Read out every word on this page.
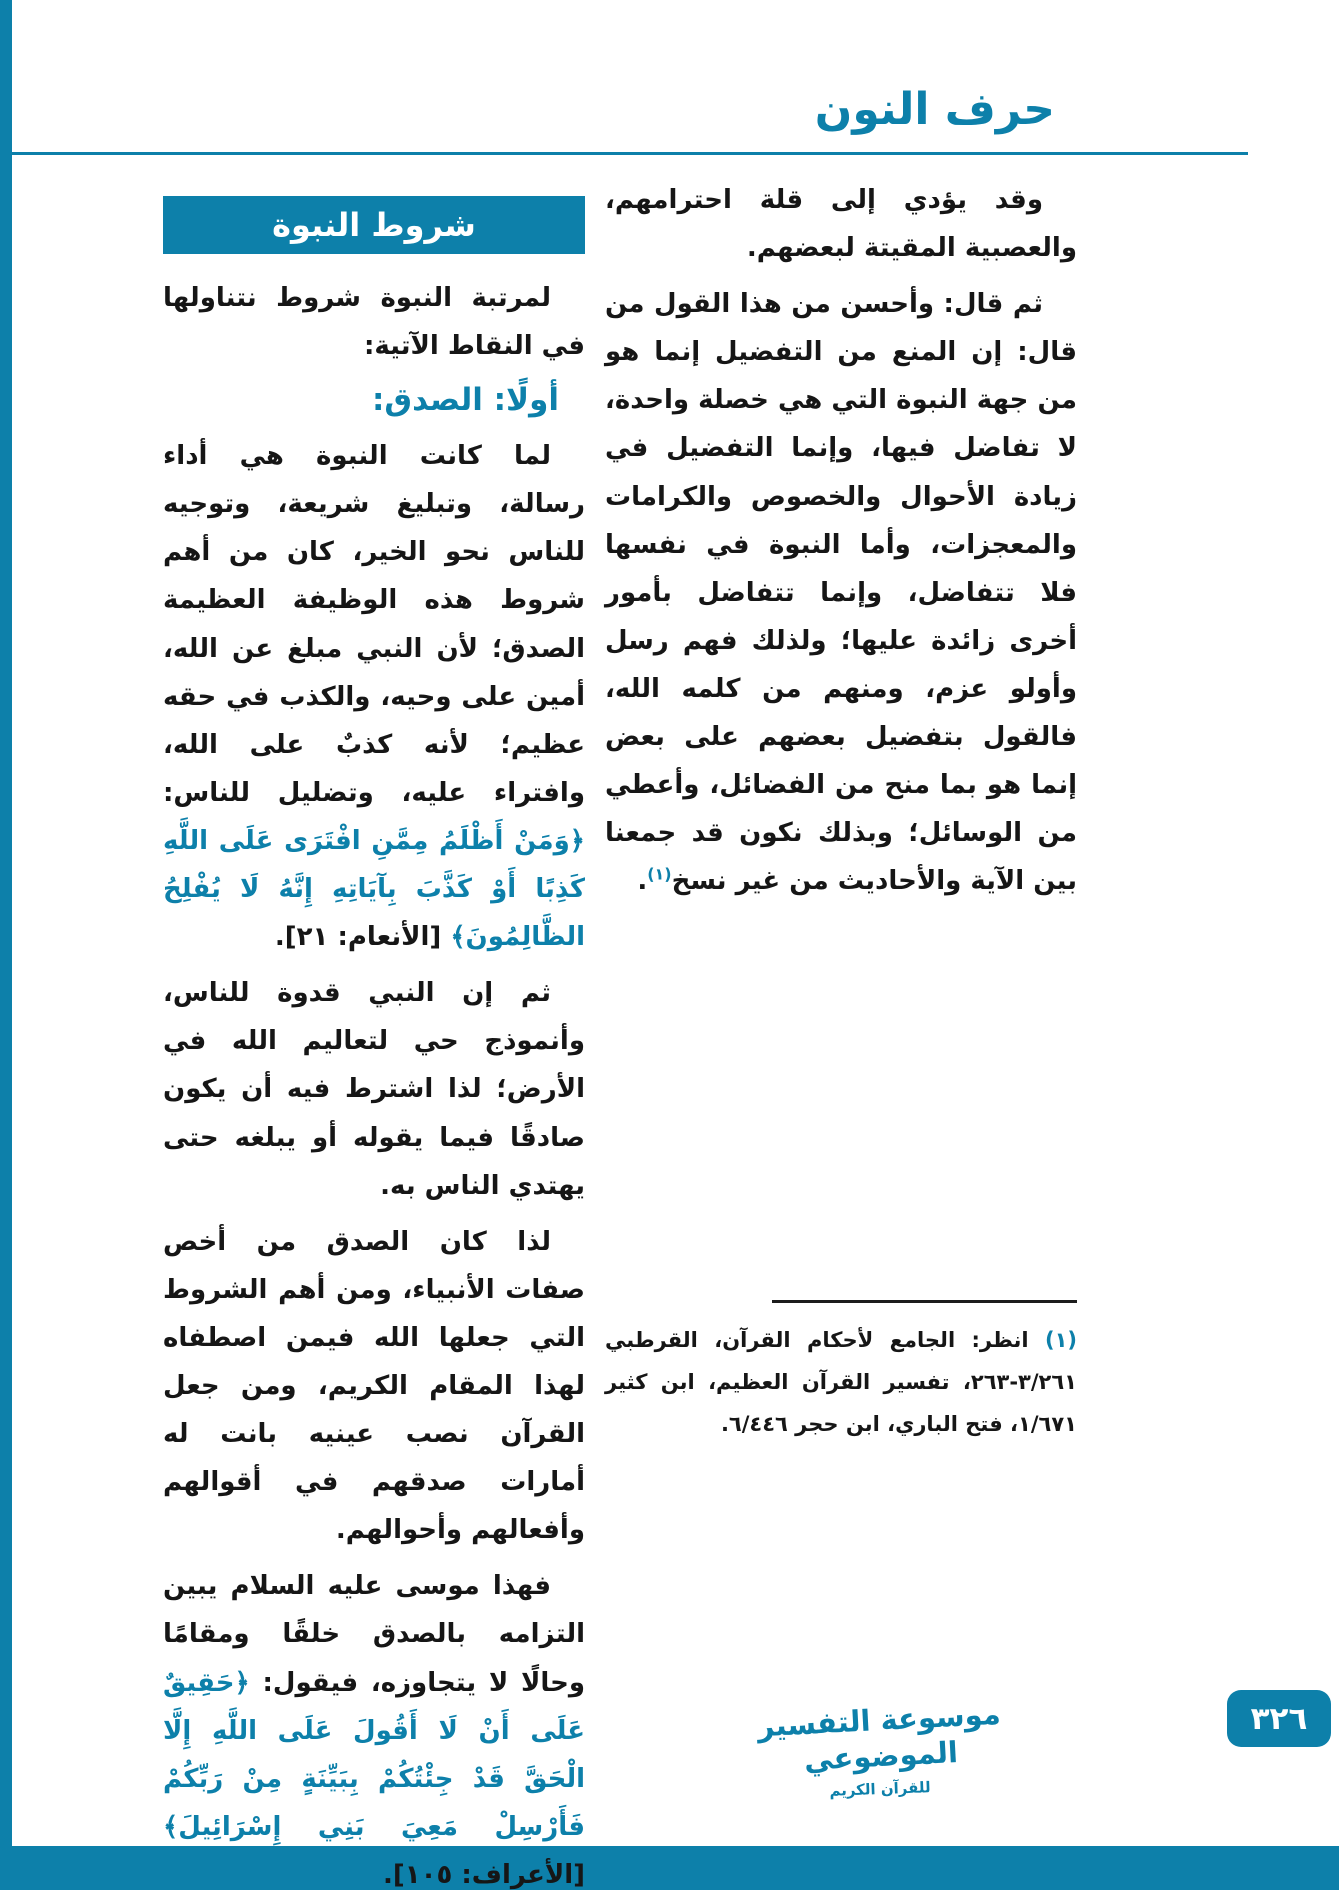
حرف النون

وقد يؤدي إلى قلة احترامهم، والعصبية المقيتة لبعضهم.

ثم قال: وأحسن من هذا القول من قال: إن المنع من التفضيل إنما هو من جهة النبوة التي هي خصلة واحدة، لا تفاضل فيها، وإنما التفضيل في زيادة الأحوال والخصوص والكرامات والمعجزات، وأما النبوة في نفسها فلا تتفاضل، وإنما تتفاضل بأمور أخرى زائدة عليها؛ ولذلك فهم رسل وأولو عزم، ومنهم من كلمه الله، فالقول بتفضيل بعضهم على بعض إنما هو بما منح من الفضائل، وأعطي من الوسائل؛ وبذلك نكون قد جمعنا بين الآية والأحاديث من غير نسخ$^{(١)}$.

شروط النبوة

لمرتبة النبوة شروط نتناولها في النقاط الآتية:

أولًا: الصدق:

لما كانت النبوة هي أداء رسالة، وتبليغ شريعة، وتوجيه للناس نحو الخير، كان من أهم شروط هذه الوظيفة العظيمة الصدق؛ لأن النبي مبلغ عن الله، أمين على وحيه، والكذب في حقه عظيم؛ لأنه كذبٌ على الله، وافتراء عليه، وتضليل للناس: ﴿وَمَنْ أَظْلَمُ مِمَّنِ افْتَرَى عَلَى اللَّهِ كَذِبًا أَوْ كَذَّبَ بِآيَاتِهِ إِنَّهُ لَا يُفْلِحُ الظَّالِمُونَ﴾ [الأنعام: ٢١].

ثم إن النبي قدوة للناس، وأنموذج حي لتعاليم الله في الأرض؛ لذا اشترط فيه أن يكون صادقًا فيما يقوله أو يبلغه حتى يهتدي الناس به.

لذا كان الصدق من أخص صفات الأنبياء، ومن أهم الشروط التي جعلها الله فيمن اصطفاه لهذا المقام الكريم، ومن جعل القرآن نصب عينيه بانت له أمارات صدقهم في أقوالهم وأفعالهم وأحوالهم.

فهذا موسى عليه السلام يبين التزامه بالصدق خلقًا ومقامًا وحالًا لا يتجاوزه، فيقول: ﴿حَقِيقٌ عَلَى أَنْ لَا أَقُولَ عَلَى اللَّهِ إِلَّا الْحَقَّ قَدْ جِئْتُكُمْ بِبَيِّنَةٍ مِنْ رَبِّكُمْ فَأَرْسِلْ مَعِيَ بَنِي إِسْرَائِيلَ﴾ [الأعراف: ١٠٥].

(١) انظر: الجامع لأحكام القرآن، القرطبي ٣/٢٦١-٢٦٣، تفسير القرآن العظيم، ابن كثير ١/٦٧١، فتح الباري، ابن حجر ٦/٤٤٦.

موسوعة التفسير الموضوعي
للقرآن الكريم
٣٢٦
